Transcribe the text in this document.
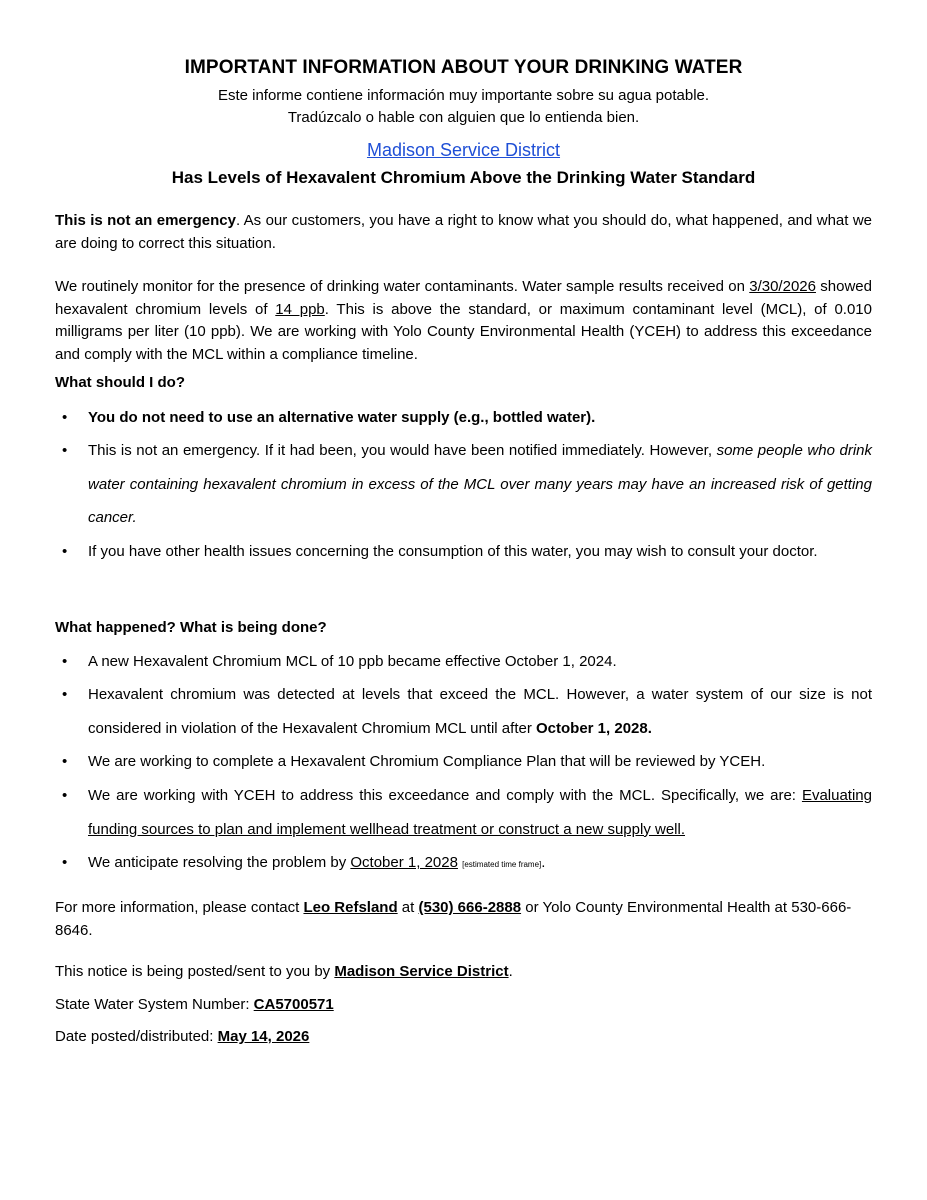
IMPORTANT INFORMATION ABOUT YOUR DRINKING WATER
Este informe contiene información muy importante sobre su agua potable.
Tradúzcalo o hable con alguien que lo entienda bien.
Madison Service District
Has Levels of Hexavalent Chromium Above the Drinking Water Standard
This is not an emergency. As our customers, you have a right to know what you should do, what happened, and what we are doing to correct this situation.
We routinely monitor for the presence of drinking water contaminants. Water sample results received on 3/30/2026 showed hexavalent chromium levels of 14 ppb. This is above the standard, or maximum contaminant level (MCL), of 0.010 milligrams per liter (10 ppb). We are working with Yolo County Environmental Health (YCEH) to address this exceedance and comply with the MCL within a compliance timeline.
What should I do?
•	You do not need to use an alternative water supply (e.g., bottled water).
•	This is not an emergency. If it had been, you would have been notified immediately. However, some people who drink water containing hexavalent chromium in excess of the MCL over many years may have an increased risk of getting cancer.
•	If you have other health issues concerning the consumption of this water, you may wish to consult your doctor.
What happened? What is being done?
•	A new Hexavalent Chromium MCL of 10 ppb became effective October 1, 2024.
•	Hexavalent chromium was detected at levels that exceed the MCL. However, a water system of our size is not considered in violation of the Hexavalent Chromium MCL until after October 1, 2028.
•	We are working to complete a Hexavalent Chromium Compliance Plan that will be reviewed by YCEH.
•	We are working with YCEH to address this exceedance and comply with the MCL. Specifically, we are: Evaluating funding sources to plan and implement wellhead treatment or construct a new supply well.
•	We anticipate resolving the problem by October 1, 2028 [estimated time frame].
For more information, please contact Leo Refsland at (530) 666-2888 or Yolo County Environmental Health at 530-666-8646.
This notice is being posted/sent to you by Madison Service District.
State Water System Number: CA5700571
Date posted/distributed: May 14, 2026
